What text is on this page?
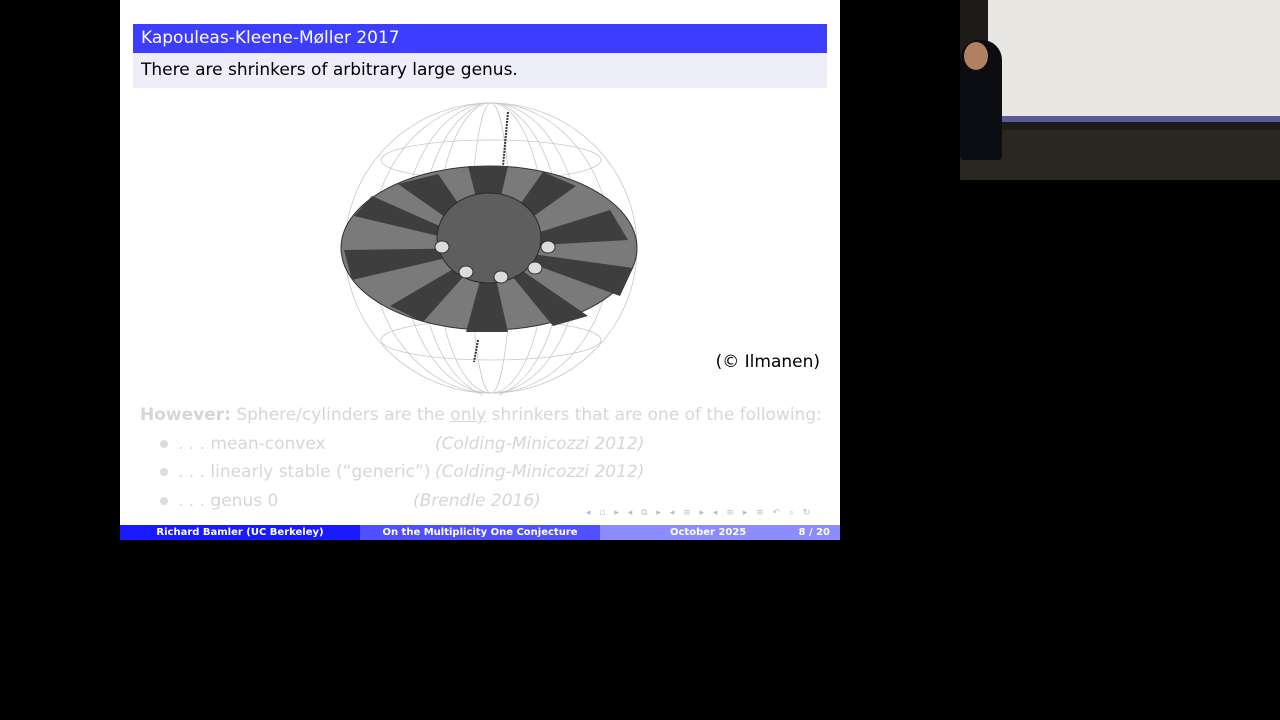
Kapouleas-Kleene-Møller 2017
There are shrinkers of arbitrary large genus.
(© Ilmanen)
However: Sphere/cylinders are the only shrinkers that are one of the following:
. . . mean-convex	(Colding-Minicozzi 2012)
. . . linearly stable (“generic”) (Colding-Minicozzi 2012)
. . . genus 0	(Brendle 2016)
◂ ▫ ▸ ◂ ⧉ ▸ ◂ ≡ ▸ ◂ ≡ ▸ ≡ ↶ ⌕ ↻
Richard Bamler (UC Berkeley)	On the Multiplicity One Conjecture	October 2025	8 / 20
